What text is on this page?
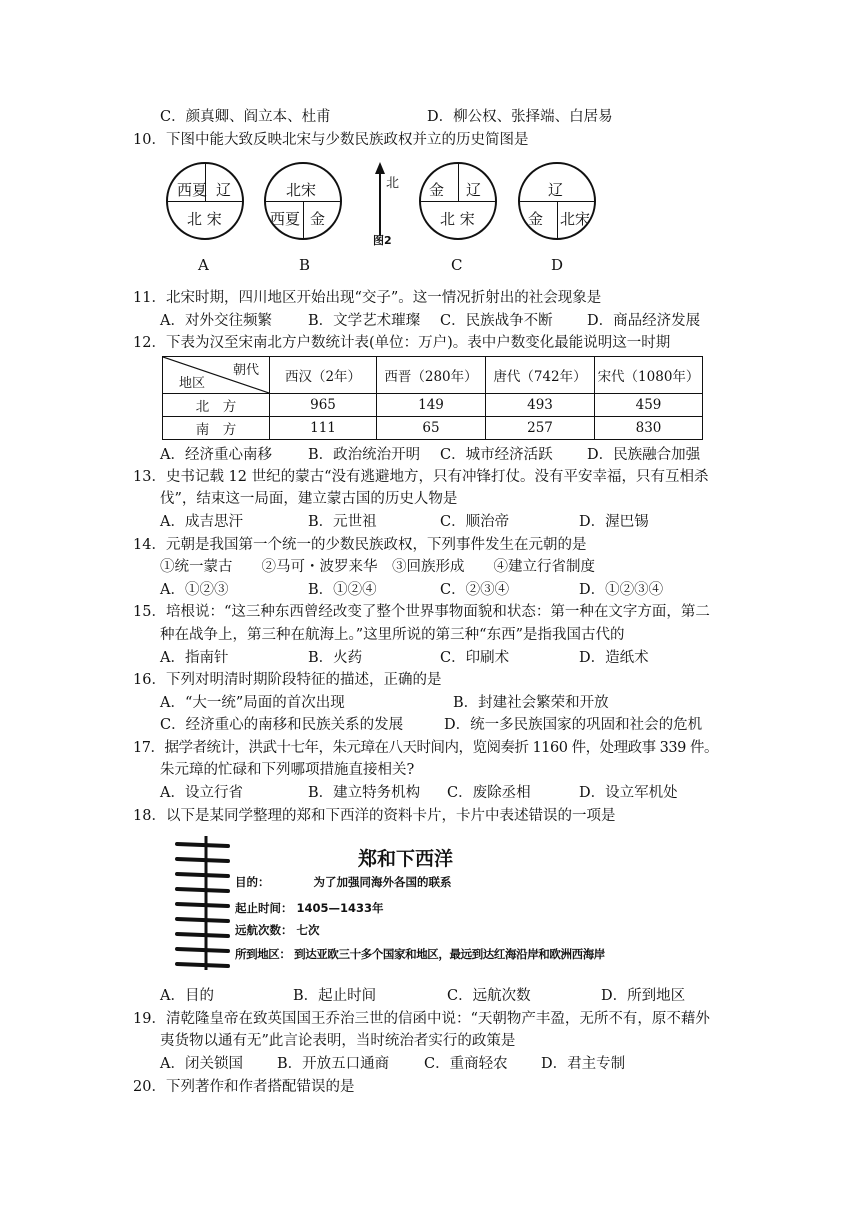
C．颜真卿、阎立本、杜甫	D．柳公权、张择端、白居易
10．下图中能大致反映北宋与少数民族政权并立的历史简图是
西夏 辽
北 宋
A
北宋
西夏 金
B
北
图2
金 辽
北 宋
C
辽
金 北宋
D
11．北宋时期，四川地区开始出现“交子”。这一情况折射出的社会现象是
A．对外交往频繁 B．文学艺术璀璨 C．民族战争不断 D．商品经济发展
12．下表为汉至宋南北方户数统计表(单位：万户)。表中户数变化最能说明这一时期
朝代
地区	西汉（2年）	西晋（280年）	唐代（742年）	宋代（1080年）
北　方	965	149	493	459
南　方	111	65	257	830
A．经济重心南移 B．政治统治开明 C．城市经济活跃 D．民族融合加强
13．史书记载 12 世纪的蒙古“没有逃避地方，只有冲锋打仗。没有平安幸福，只有互相杀
伐”，结束这一局面，建立蒙古国的历史人物是
A．成吉思汗	B．元世祖	C．顺治帝	D．渥巴锡
14．元朝是我国第一个统一的少数民族政权，下列事件发生在元朝的是
①统一蒙古　　②马可・波罗来华　③回族形成　　④建立行省制度
A．①②③	B．①②④	C．②③④	D．①②③④
15．培根说：“这三种东西曾经改变了整个世界事物面貌和状态：第一种在文字方面，第二
种在战争上，第三种在航海上。”这里所说的第三种“东西”是指我国古代的
A．指南针	B．火药	C．印刷术	D．造纸术
16．下列对明清时期阶段特征的描述，正确的是
A．“大一统”局面的首次出现	B．封建社会繁荣和开放
C．经济重心的南移和民族关系的发展	D．统一多民族国家的巩固和社会的危机
17．据学者统计，洪武十七年，朱元璋在八天时间内，览阅奏折 1160 件，处理政事 339 件。
朱元璋的忙碌和下列哪项措施直接相关?
A．设立行省	B．建立特务机构 C．废除丞相	D．设立军机处
18．以下是某同学整理的郑和下西洋的资料卡片，卡片中表述错误的一项是
郑和下西洋
目的：	为了加强同海外各国的联系
起止时间： 1405—1433年
远航次数： 七次
所到地区： 到达亚欧三十多个国家和地区，最远到达红海沿岸和欧洲西海岸
A．目的	B．起止时间	C．远航次数	D．所到地区
19．清乾隆皇帝在致英国国王乔治三世的信函中说：“天朝物产丰盈，无所不有，原不藉外
夷货物以通有无”此言论表明，当时统治者实行的政策是
A．闭关锁国 B．开放五口通商 C．重商轻农 D．君主专制
20．下列著作和作者搭配错误的是
